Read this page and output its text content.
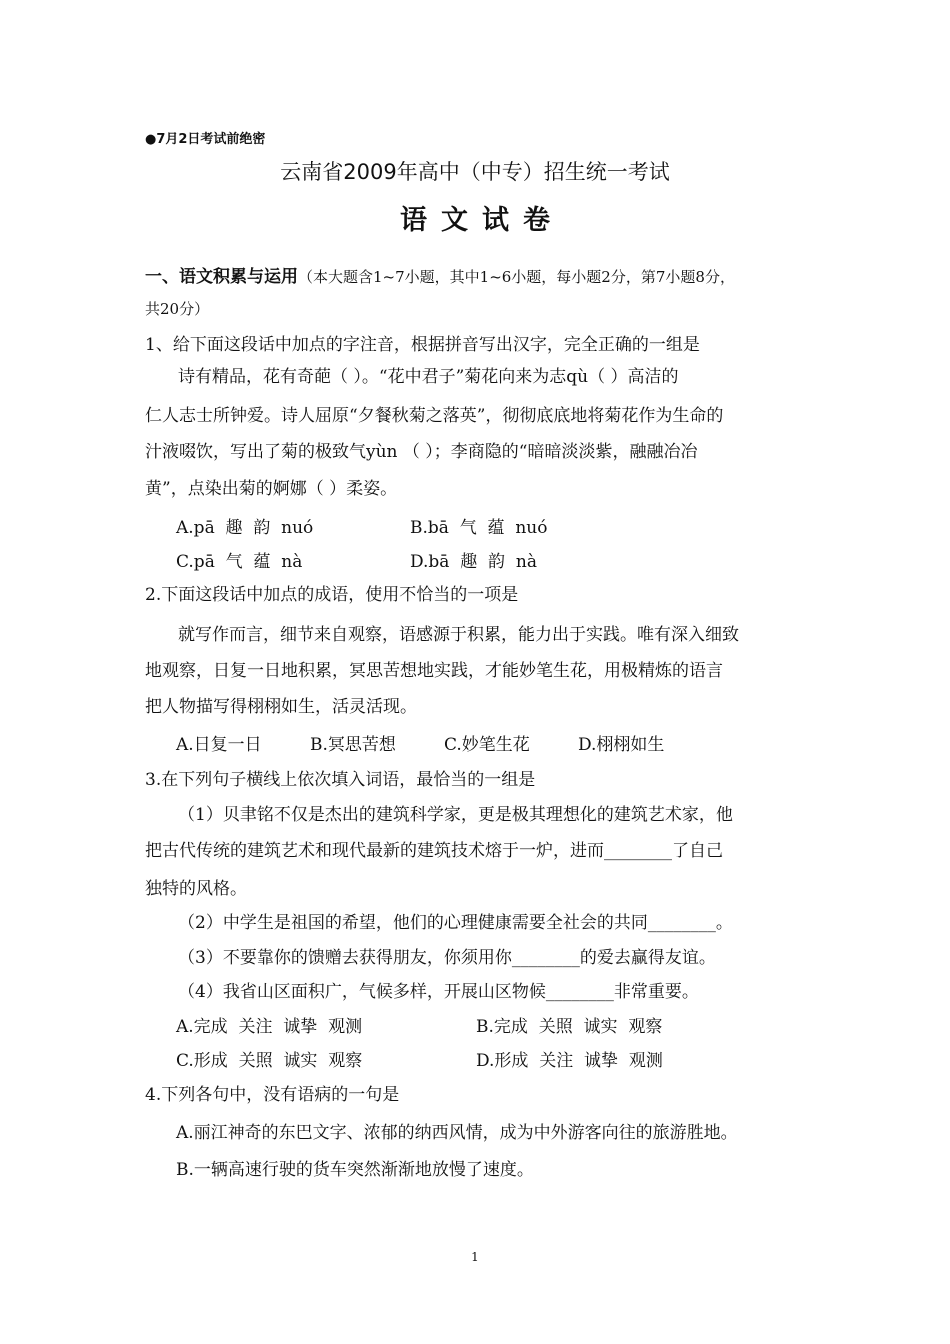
●7月2日考试前绝密
云南省2009年高中（中专）招生统一考试
语文试卷
一、语文积累与运用（本大题含1~7小题，其中1~6小题，每小题2分，第7小题8分，
共20分）
1、给下面这段话中加点的字注音，根据拼音写出汉字，完全正确的一组是
诗有精品，花有奇葩（ ）。“花中君子”菊花向来为志qù（ ）高洁的
仁人志士所钟爱。诗人屈原“夕餐秋菊之落英”，彻彻底底地将菊花作为生命的
汁液啜饮，写出了菊的极致气yùn （ ）；李商隐的“暗暗淡淡紫，融融冶冶
黄”，点染出菊的婀娜（ ）柔姿。
A.pā  趣  韵  nuó	B.bā  气  蕴  nuó
C.pā  气  蕴  nà	D.bā  趣  韵  nà
2.下面这段话中加点的成语，使用不恰当的一项是
就写作而言，细节来自观察，语感源于积累，能力出于实践。唯有深入细致
地观察，日复一日地积累，冥思苦想地实践，才能妙笔生花，用极精炼的语言
把人物描写得栩栩如生，活灵活现。
A.日复一日	B.冥思苦想	C.妙笔生花	D.栩栩如生
3.在下列句子横线上依次填入词语，最恰当的一组是
（1）贝聿铭不仅是杰出的建筑科学家，更是极其理想化的建筑艺术家，他
把古代传统的建筑艺术和现代最新的建筑技术熔于一炉，进而________了自己
独特的风格。
（2）中学生是祖国的希望，他们的心理健康需要全社会的共同________。
（3）不要靠你的馈赠去获得朋友，你须用你________的爱去赢得友谊。
（4）我省山区面积广，气候多样，开展山区物候________非常重要。
A.完成  关注  诚挚  观测	B.完成  关照  诚实  观察
C.形成  关照  诚实  观察	D.形成  关注  诚挚  观测
4.下列各句中，没有语病的一句是
A.丽江神奇的东巴文字、浓郁的纳西风情，成为中外游客向往的旅游胜地。
B.一辆高速行驶的货车突然渐渐地放慢了速度。
1
